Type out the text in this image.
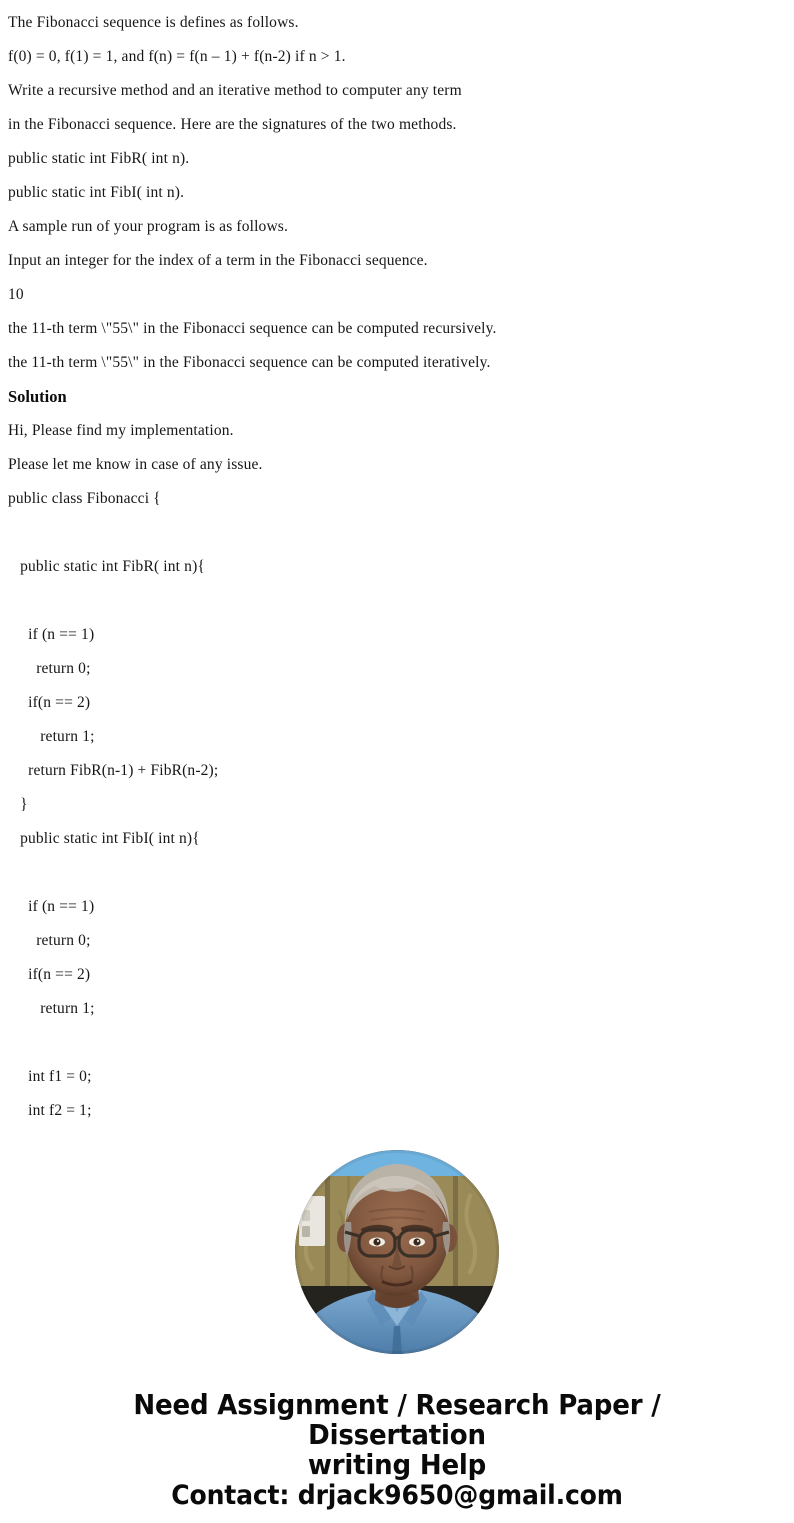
The Fibonacci sequence is defines as follows.
f(0) = 0, f(1) = 1, and f(n) = f(n – 1) + f(n-2) if n > 1.
Write a recursive method and an iterative method to computer any term
in the Fibonacci sequence. Here are the signatures of the two methods.
public static int FibR( int n).
public static int FibI( int n).
A sample run of your program is as follows.
Input an integer for the index of a term in the Fibonacci sequence.
10
the 11-th term \"55\" in the Fibonacci sequence can be computed recursively.
the 11-th term \"55\" in the Fibonacci sequence can be computed iteratively.
Solution
Hi, Please find my implementation.
Please let me know in case of any issue.
public class Fibonacci {
public static int FibR( int n){
if (n == 1)
return 0;
if(n == 2)
return 1;
return FibR(n-1) + FibR(n-2);
}
public static int FibI( int n){
if (n == 1)
return 0;
if(n == 2)
return 1;
int f1 = 0;
int f2 = 1;
Need Assignment / Research Paper / Dissertation
writing Help
Contact: drjack9650@gmail.com
